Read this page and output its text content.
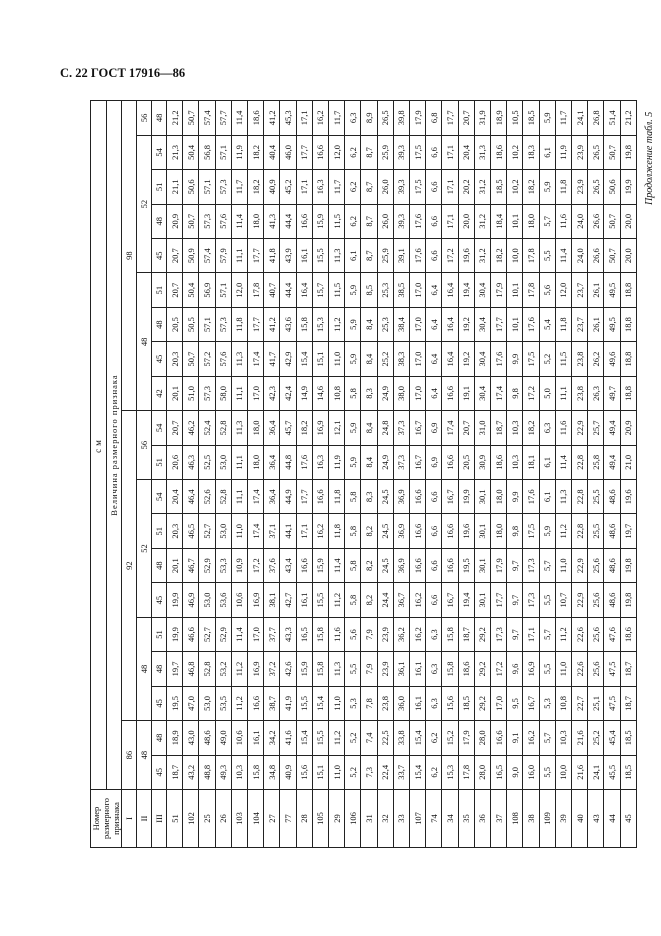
С. 22 ГОСТ 17916—86
Продолжение табл. 5
Номер размерного признака	см																			
	Величина размерного признака																			

I	86		92									98								
II	48		48			52				56		48				52				56
III	45	48	45	48	51	45	48	51	54	51	54	42	45	48	51	45	48	51	54	48
51	18,7	18,9	19,5	19,7	19,9	19,9	20,1	20,3	20,4	20,6	20,7	20,1	20,3	20,5	20,7	20,7	20,9	21,1	21,3	21,2
102	43,2	43,0	47,0	46,8	46,6	46,9	46,7	46,5	46,4	46,3	46,2	51,0	50,7	50,5	50,4	50,9	50,7	50,6	50,4	50,7
25	48,8	48,6	53,0	52,8	52,7	53,0	52,9	52,7	52,6	52,5	52,4	57,3	57,2	57,1	56,9	57,4	57,3	57,1	56,8	57,4
26	49,3	49,0	53,5	53,2	52,9	53,6	53,3	53,0	52,8	53,0	52,8	58,0	57,6	57,3	57,1	57,9	57,6	57,3	57,1	57,7
103	10,3	10,6	11,2	11,2	11,4	10,6	10,9	11,0	11,1	11,1	11,3	11,1	11,3	11,8	12,0	11,1	11,4	11,7	11,9	11,4
104	15,8	16,1	16,6	16,9	17,0	16,9	17,2	17,4	17,4	18,0	18,0	17,0	17,4	17,7	17,8	17,7	18,0	18,2	18,2	18,6
27	34,8	34,2	38,7	37,2	37,7	38,1	37,6	37,1	36,4	36,4	36,4	42,3	41,7	41,2	40,7	41,8	41,3	40,9	40,4	41,2
77	40,9	41,6	41,9	42,6	43,3	42,7	43,4	44,1	44,9	44,8	45,7	42,4	42,9	43,6	44,4	43,9	44,4	45,2	46,0	45,3
28	15,6	15,4	15,5	15,9	16,5	16,1	16,6	17,1	17,7	17,6	18,2	14,9	15,4	15,8	16,4	16,1	16,6	17,1	17,7	17,1
105	15,1	15,5	15,4	15,8	15,8	15,5	15,9	16,2	16,6	16,3	16,9	14,6	15,1	15,3	15,7	15,5	15,9	16,3	16,6	16,2
29	11,0	11,2	11,0	11,3	11,6	11,2	11,4	11,8	11,8	11,9	12,1	10,8	11,0	11,2	11,5	11,3	11,5	11,7	12,0	11,7
106	5,2	5,2	5,3	5,5	5,6	5,8	5,8	5,8	5,8	5,9	5,9	5,8	5,9	5,9	5,9	6,1	6,2	6,2	6,2	6,3
31	7,3	7,4	7,8	7,9	7,9	8,2	8,2	8,2	8,3	8,4	8,4	8,3	8,4	8,4	8,5	8,7	8,7	8,7	8,7	8,9
32	22,4	22,5	23,8	23,9	23,9	24,4	24,5	24,5	24,5	24,9	24,8	24,9	25,2	25,3	25,3	25,9	26,0	26,0	25,9	26,5
33	33,7	33,8	36,0	36,1	36,2	36,7	36,9	36,9	36,9	37,3	37,3	38,0	38,3	38,4	38,5	39,1	39,3	39,3	39,3	39,8
107	15,4	15,4	16,1	16,1	16,2	16,2	16,6	16,6	16,6	16,7	16,7	17,0	17,0	17,0	17,0	17,6	17,6	17,5	17,5	17,9
74	6,2	6,2	6,3	6,3	6,3	6,6	6,6	6,6	6,6	6,9	6,9	6,4	6,4	6,4	6,4	6,6	6,6	6,6	6,6	6,8
34	15,3	15,2	15,6	15,8	15,8	16,7	16,6	16,6	16,7	16,6	17,4	16,6	16,4	16,4	16,4	17,2	17,1	17,1	17,1	17,7
35	17,8	17,9	18,5	18,6	18,7	19,4	19,5	19,6	19,9	20,5	20,7	19,1	19,2	19,2	19,4	19,6	20,0	20,2	20,4	20,7
36	28,0	28,0	29,2	29,2	29,2	30,1	30,1	30,1	30,1	30,9	31,0	30,4	30,4	30,4	30,4	31,2	31,2	31,2	31,3	31,9
37	16,5	16,6	17,0	17,2	17,3	17,7	17,9	18,0	18,0	18,6	18,7	17,4	17,6	17,7	17,9	18,2	18,4	18,5	18,6	18,9
108	9,0	9,1	9,5	9,6	9,7	9,7	9,7	9,8	9,9	10,3	10,3	9,8	9,9	10,1	10,1	10,0	10,1	10,2	10,2	10,5
38	16,0	16,2	16,7	16,9	17,1	17,3	17,3	17,5	17,6	18,1	18,2	17,2	17,5	17,6	17,8	17,8	18,0	18,2	18,3	18,5
109	5,5	5,7	5,3	5,5	5,7	5,5	5,7	5,9	6,1	6,1	6,3	5,0	5,2	5,4	5,6	5,5	5,7	5,9	6,1	5,9
39	10,0	10,3	10,8	11,0	11,2	10,7	11,0	11,2	11,3	11,4	11,6	11,1	11,5	11,8	12,0	11,4	11,6	11,8	11,9	11,7
40	21,6	21,6	22,7	22,6	22,6	22,9	22,9	22,8	22,8	22,8	22,9	23,8	23,8	23,7	23,7	24,0	24,0	23,9	23,9	24,1
43	24,1	25,2	25,1	25,6	25,6	25,6	25,6	25,5	25,5	25,8	25,7	26,3	26,2	26,1	26,1	26,6	26,6	26,5	26,5	26,8
44	45,5	45,4	47,5	47,5	47,6	48,6	48,6	48,6	48,6	49,4	49,4	49,7	49,6	49,5	49,5	50,7	50,7	50,6	50,7	51,4
45	18,5	18,5	18,7	18,7	18,6	19,8	19,8	19,7	19,6	21,0	20,9	18,8	18,8	18,8	18,8	20,0	20,0	19,9	19,8	21,2
